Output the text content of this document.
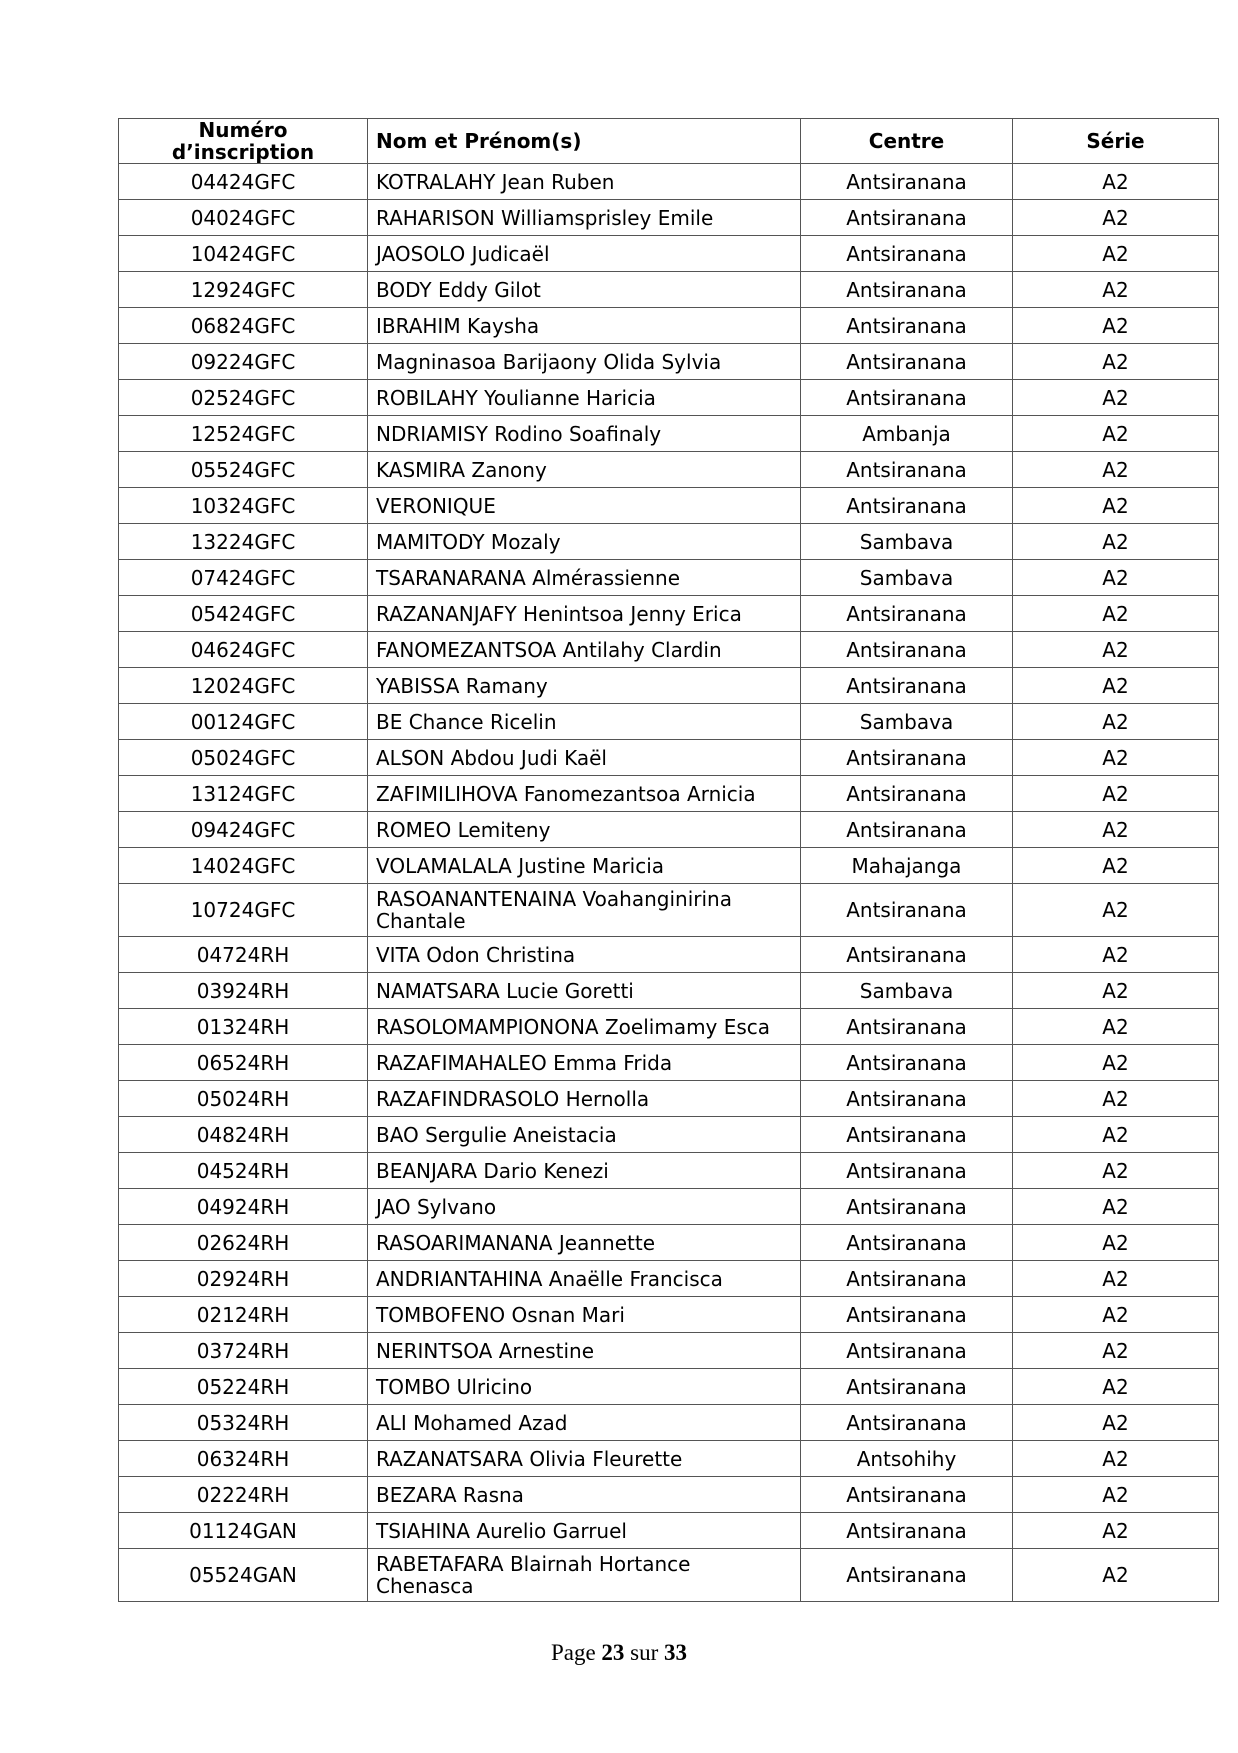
Numéro d’inscription	Nom et Prénom(s)	Centre	Série
04424GFC	KOTRALAHY Jean Ruben	Antsiranana	A2
04024GFC	RAHARISON Williamsprisley Emile	Antsiranana	A2
10424GFC	JAOSOLO Judicaël	Antsiranana	A2
12924GFC	BODY Eddy Gilot	Antsiranana	A2
06824GFC	IBRAHIM Kaysha	Antsiranana	A2
09224GFC	Magninasoa Barijaony Olida Sylvia	Antsiranana	A2
02524GFC	ROBILAHY Youlianne Haricia	Antsiranana	A2
12524GFC	NDRIAMISY Rodino Soafinaly	Ambanja	A2
05524GFC	KASMIRA Zanony	Antsiranana	A2
10324GFC	VERONIQUE	Antsiranana	A2
13224GFC	MAMITODY Mozaly	Sambava	A2
07424GFC	TSARANARANA Almérassienne	Sambava	A2
05424GFC	RAZANANJAFY Henintsoa Jenny Erica	Antsiranana	A2
04624GFC	FANOMEZANTSOA Antilahy Clardin	Antsiranana	A2
12024GFC	YABISSA Ramany	Antsiranana	A2
00124GFC	BE Chance Ricelin	Sambava	A2
05024GFC	ALSON Abdou Judi Kaël	Antsiranana	A2
13124GFC	ZAFIMILIHOVA Fanomezantsoa Arnicia	Antsiranana	A2
09424GFC	ROMEO Lemiteny	Antsiranana	A2
14024GFC	VOLAMALALA Justine Maricia	Mahajanga	A2
10724GFC	RASOANANTENAINA Voahanginirina Chantale	Antsiranana	A2
04724RH	VITA Odon Christina	Antsiranana	A2
03924RH	NAMATSARA Lucie Goretti	Sambava	A2
01324RH	RASOLOMAMPIONONA Zoelimamy Esca	Antsiranana	A2
06524RH	RAZAFIMAHALEO Emma Frida	Antsiranana	A2
05024RH	RAZAFINDRASOLO Hernolla	Antsiranana	A2
04824RH	BAO Sergulie Aneistacia	Antsiranana	A2
04524RH	BEANJARA Dario Kenezi	Antsiranana	A2
04924RH	JAO Sylvano	Antsiranana	A2
02624RH	RASOARIMANANA Jeannette	Antsiranana	A2
02924RH	ANDRIANTAHINA Anaëlle Francisca	Antsiranana	A2
02124RH	TOMBOFENO Osnan Mari	Antsiranana	A2
03724RH	NERINTSOA Arnestine	Antsiranana	A2
05224RH	TOMBO Ulricino	Antsiranana	A2
05324RH	ALI Mohamed Azad	Antsiranana	A2
06324RH	RAZANATSARA Olivia Fleurette	Antsohihy	A2
02224RH	BEZARA Rasna	Antsiranana	A2
01124GAN	TSIAHINA Aurelio Garruel	Antsiranana	A2
05524GAN	RABETAFARA Blairnah Hortance Chenasca	Antsiranana	A2
Page 23 sur 33
